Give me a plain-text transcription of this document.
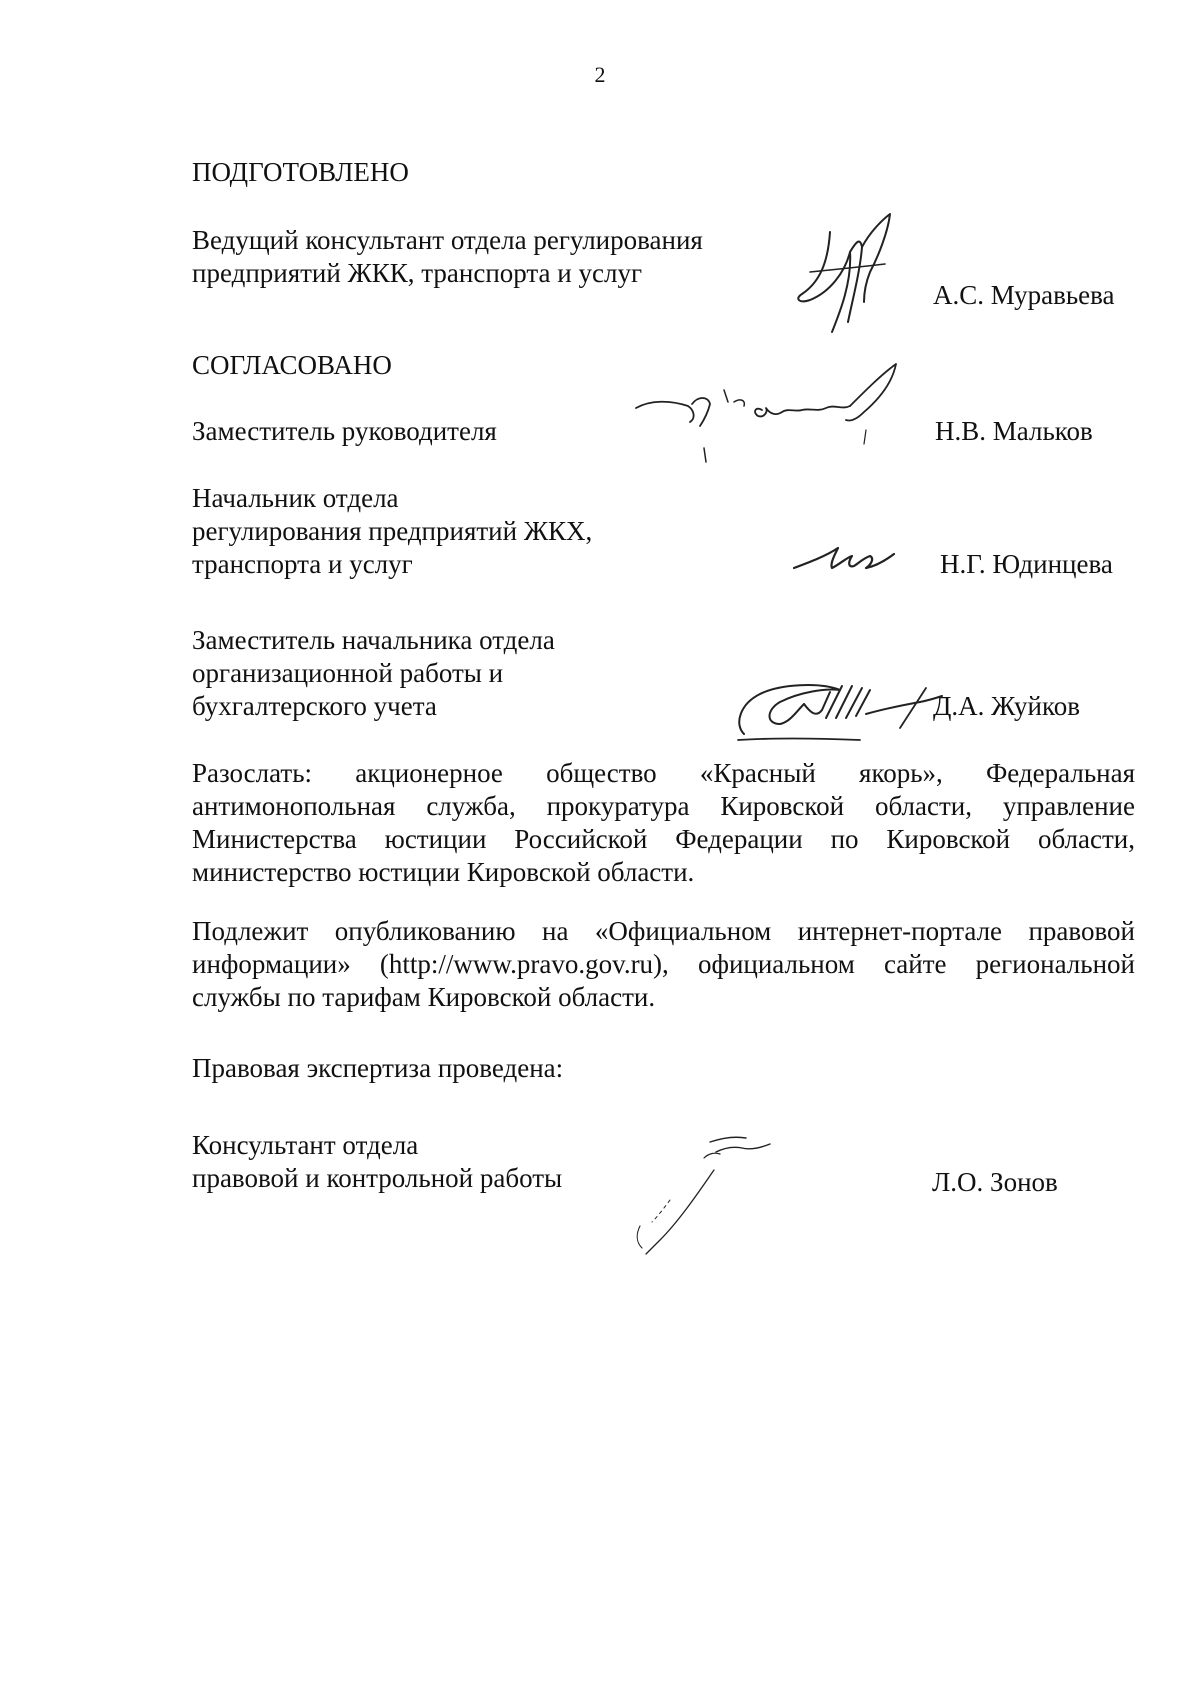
2
ПОДГОТОВЛЕНО
Ведущий консультант отдела регулирования
предприятий ЖКК, транспорта и услуг
А.С. Муравьева
СОГЛАСОВАНО
Заместитель руководителя	Н.В. Мальков
Начальник отдела
регулирования предприятий ЖКХ,
транспорта и услуг	Н.Г. Юдинцева
Заместитель начальника отдела
организационной работы и
бухгалтерского учета	Д.А. Жуйков
Разослать: акционерное общество «Красный якорь», Федеральная
антимонопольная служба, прокуратура Кировской области, управление
Министерства юстиции Российской Федерации по Кировской области,
министерство юстиции Кировской области.
Подлежит опубликованию на «Официальном интернет-портале правовой
информации» (http://www.pravo.gov.ru), официальном сайте региональной
службы по тарифам Кировской области.
Правовая экспертиза проведена:
Консультант отдела
правовой и контрольной работы	Л.О. Зонов
